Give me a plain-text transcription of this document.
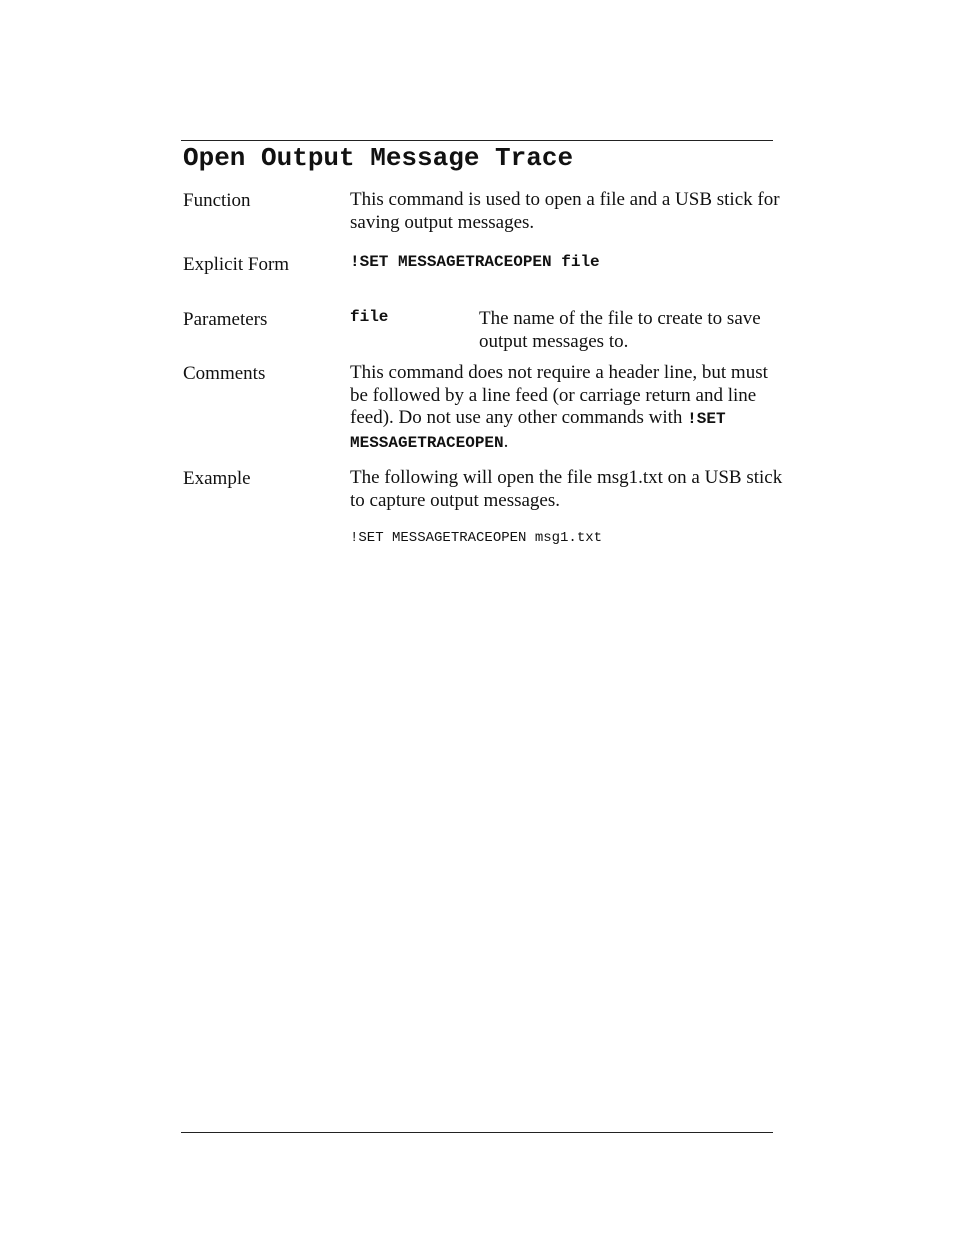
Open Output Message Trace
Function	This command is used to open a file and a USB stick for saving output messages.
Explicit Form	!SET MESSAGETRACEOPEN file
Parameters	file	The name of the file to create to save output messages to.
Comments	This command does not require a header line, but must be followed by a line feed (or carriage return and line feed). Do not use any other commands with !SET MESSAGETRACEOPEN.
Example	The following will open the file msg1.txt on a USB stick to capture output messages.
!SET MESSAGETRACEOPEN msg1.txt
